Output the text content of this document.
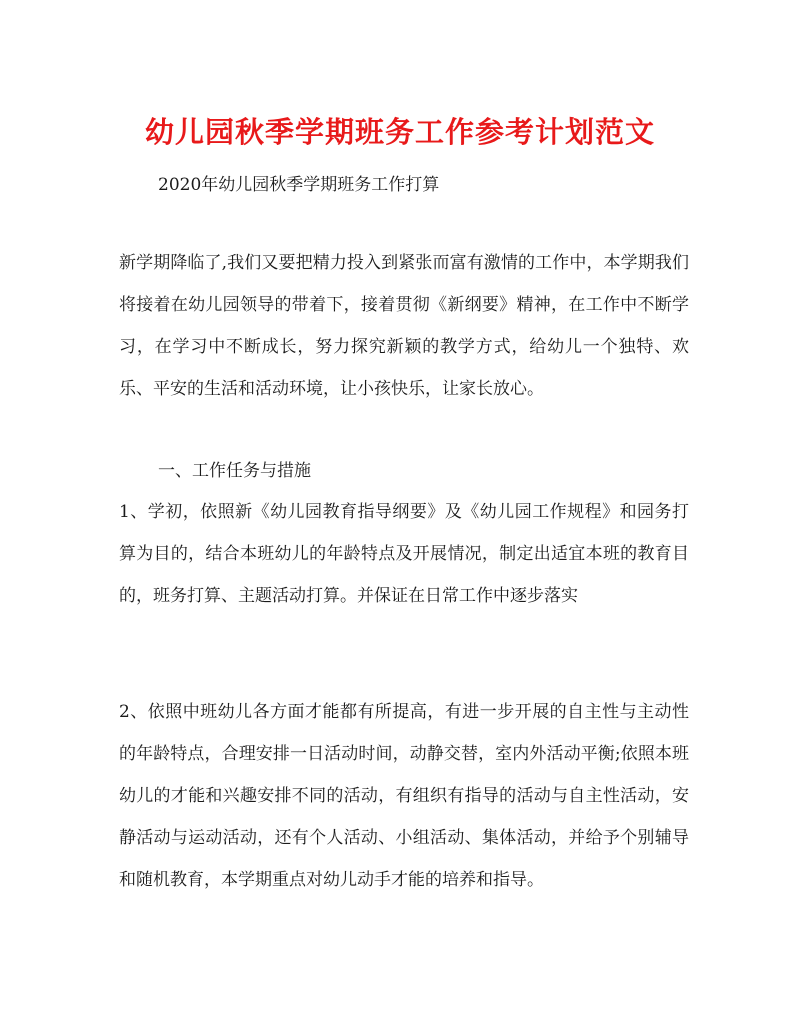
幼儿园秋季学期班务工作参考计划范文
2020年幼儿园秋季学期班务工作打算

新学期降临了,我们又要把精力投入到紧张而富有激情的工作中，本学期我们将接着在幼儿园领导的带着下，接着贯彻《新纲要》精神，在工作中不断学习，在学习中不断成长，努力探究新颖的教学方式，给幼儿一个独特、欢乐、平安的生活和活动环境，让小孩快乐，让家长放心。

一、工作任务与措施

1、学初，依照新《幼儿园教育指导纲要》及《幼儿园工作规程》和园务打算为目的，结合本班幼儿的年龄特点及开展情况，制定出适宜本班的教育目的，班务打算、主题活动打算。并保证在日常工作中逐步落实

2、依照中班幼儿各方面才能都有所提高，有进一步开展的自主性与主动性的年龄特点，合理安排一日活动时间，动静交替，室内外活动平衡;依照本班幼儿的才能和兴趣安排不同的活动，有组织有指导的活动与自主性活动，安静活动与运动活动，还有个人活动、小组活动、集体活动，并给予个别辅导和随机教育，本学期重点对幼儿动手才能的培养和指导。
